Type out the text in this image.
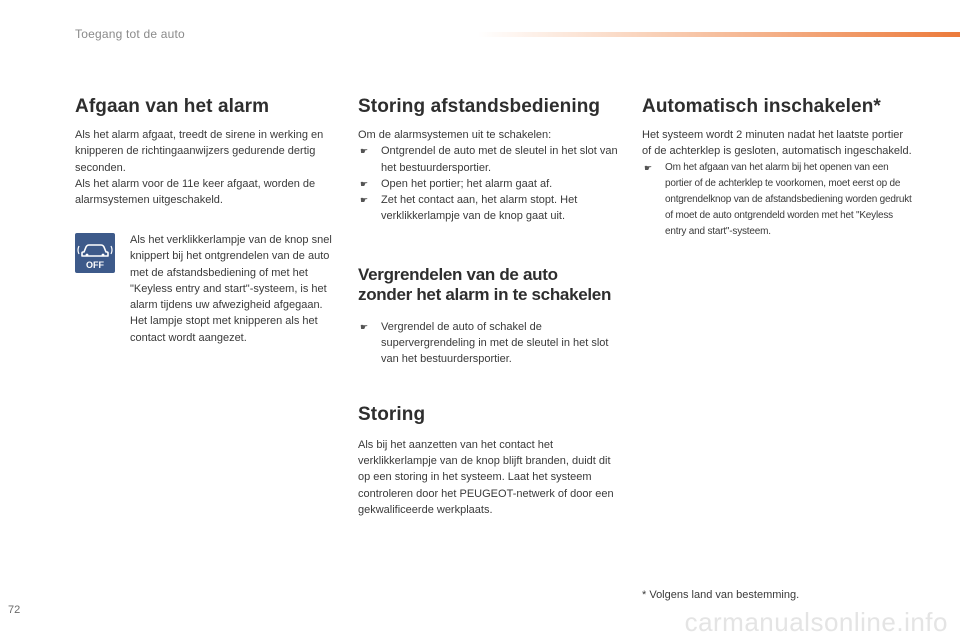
Toegang tot de auto
Afgaan van het alarm

Als het alarm afgaat, treedt de sirene in werking en knipperen de richtingaanwijzers gedurende dertig seconden.
Als het alarm voor de 11e keer afgaat, worden de alarmsystemen uitgeschakeld.

OFF

Als het verklikkerlampje van de knop snel knippert bij het ontgrendelen van de auto met de afstandsbediening of met het "Keyless entry and start"-systeem, is het alarm tijdens uw afwezigheid afgegaan. Het lampje stopt met knipperen als het contact wordt aangezet.

Storing afstandsbediening

Om de alarmsystemen uit te schakelen:

☛ Ontgrendel de auto met de sleutel in het slot van het bestuurdersportier.
☛ Open het portier; het alarm gaat af.
☛ Zet het contact aan, het alarm stopt. Het verklikkerlampje van de knop gaat uit.
Vergrendelen van de auto
zonder het alarm in te schakelen
☛ Vergrendel de auto of schakel de supervergrendeling in met de sleutel in het slot van het bestuurdersportier.
Storing

Als bij het aanzetten van het contact het verklikkerlampje van de knop blijft branden, duidt dit op een storing in het systeem. Laat het systeem controleren door het PEUGEOT-netwerk of door een gekwalificeerde werkplaats.

Automatisch inschakelen*

Het systeem wordt 2 minuten nadat het laatste portier of de achterklep is gesloten, automatisch ingeschakeld.

☛ Om het afgaan van het alarm bij het openen van een portier of de achterklep te voorkomen, moet eerst op de ontgrendelknop van de afstandsbediening worden gedrukt of moet de auto ontgrendeld worden met het "Keyless entry and start"-systeem.
* Volgens land van bestemming.
72	carmanualsonline.info
